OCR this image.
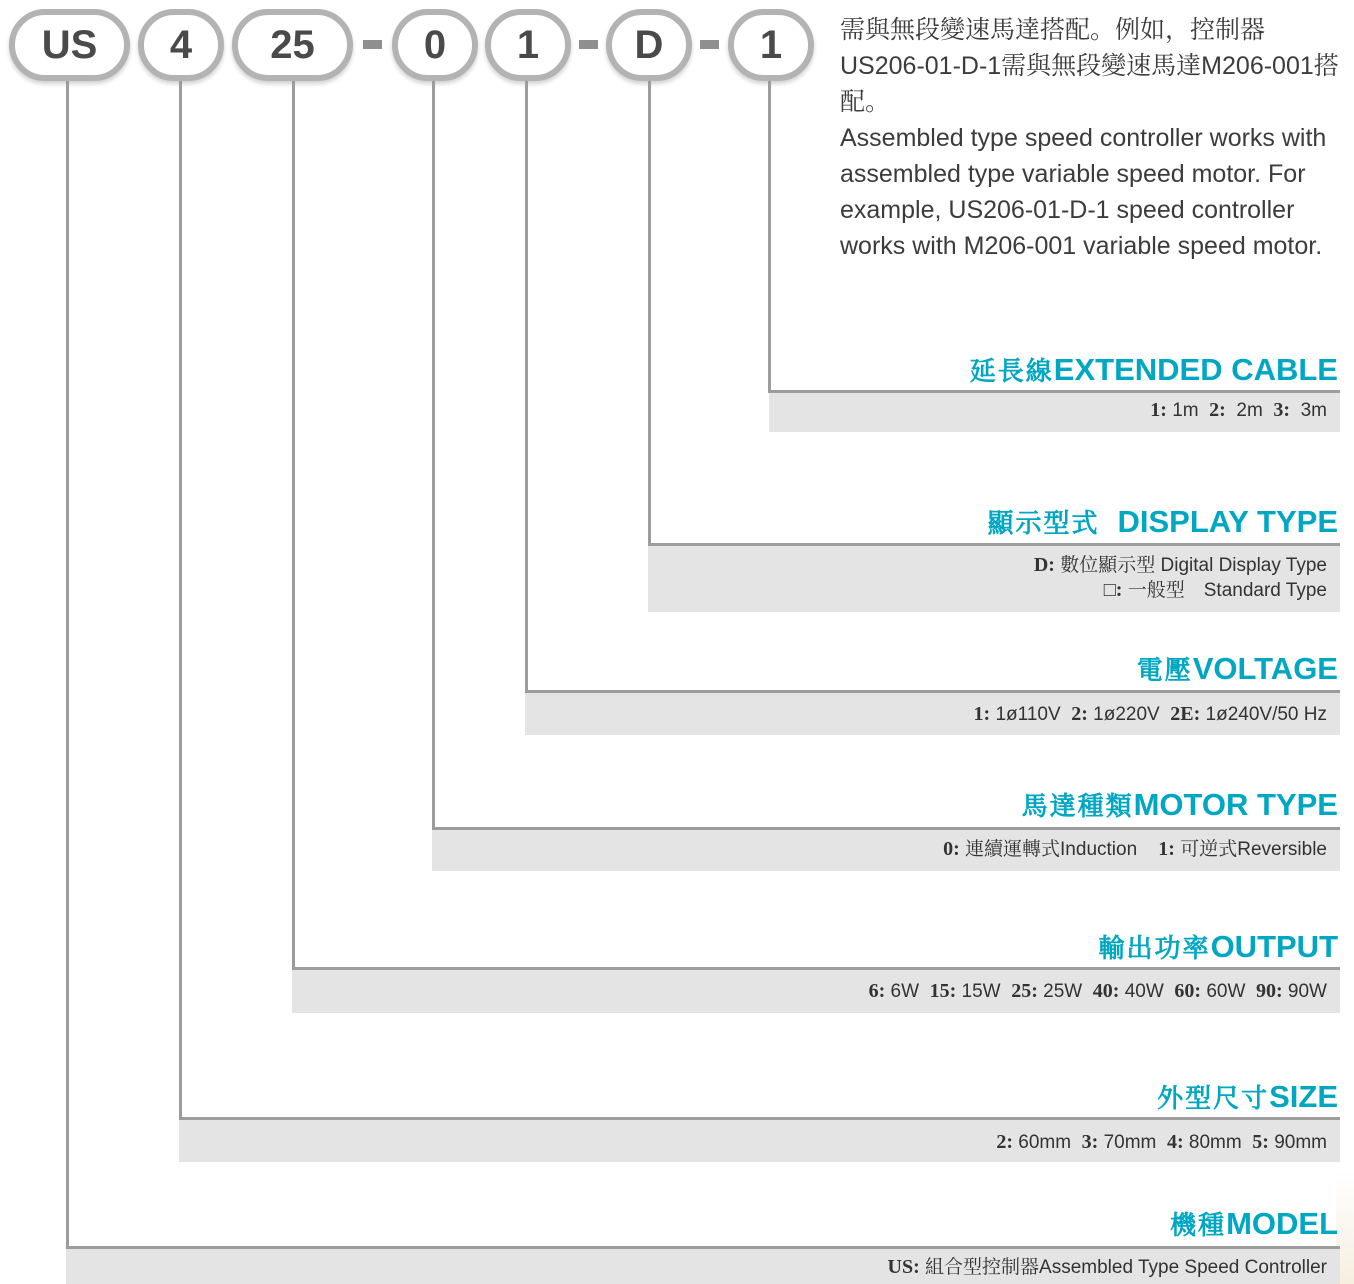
US	4	25	0	1	D	1	需與無段變速馬達搭配。例如，控制器US206-01-D-1需與無段變速馬達M206-001搭配。

Assembled type speed controller works with assembled type variable speed motor. For example, US206-01-D-1 speed controller works with M206-001 variable speed motor.

延長線EXTENDED CABLE
顯示型式 DISPLAY TYPE
電壓VOLTAGE
馬達種類MOTOR TYPE
輸出功率OUTPUT
外型尺寸SIZE
機種MODEL
1: 1m 2: 2m 3: 3m
D: 數位顯示型 Digital Display Type
□: 一般型　Standard Type
1: 1ø110V 2: 1ø220V 2E: 1ø240V/50 Hz
0: 連續運轉式Induction 1: 可逆式Reversible
6: 6W 15: 15W 25: 25W 40: 40W 60: 60W 90: 90W
2: 60mm 3: 70mm 4: 80mm 5: 90mm
US: 組合型控制器Assembled Type Speed Controller
